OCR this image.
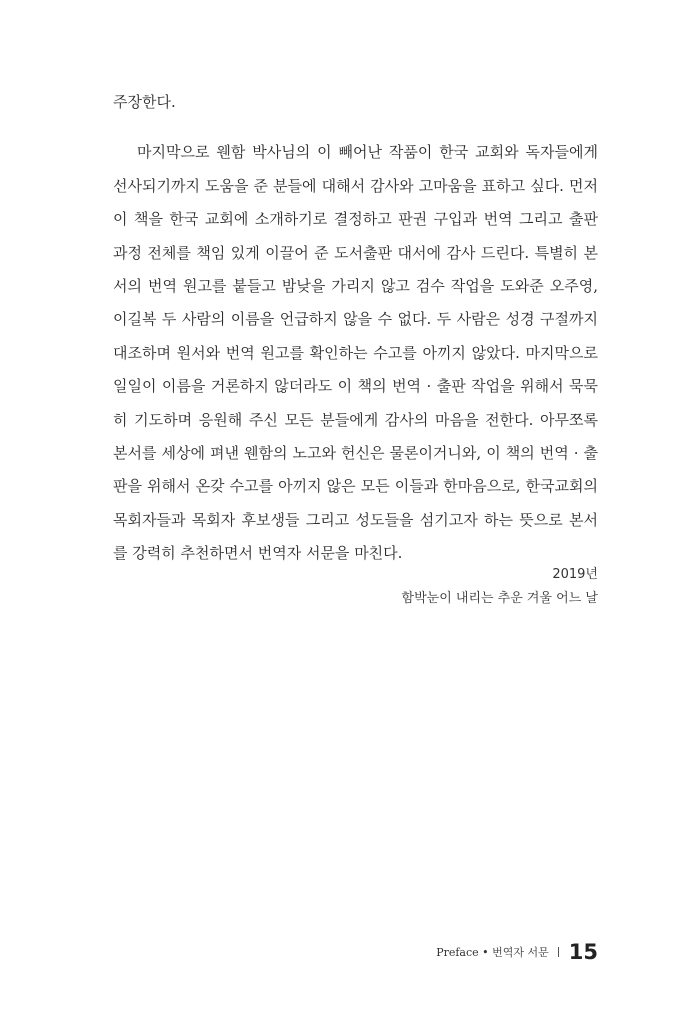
주장한다.

마지막으로 웬함 박사님의 이 빼어난 작품이 한국 교회와 독자들에게
선사되기까지 도움을 준 분들에 대해서 감사와 고마움을 표하고 싶다. 먼저
이 책을 한국 교회에 소개하기로 결정하고 판권 구입과 번역 그리고 출판
과정 전체를 책임 있게 이끌어 준 도서출판 대서에 감사 드린다. 특별히 본
서의 번역 원고를 붙들고 밤낮을 가리지 않고 검수 작업을 도와준 오주영,
이길복 두 사람의 이름을 언급하지 않을 수 없다. 두 사람은 성경 구절까지
대조하며 원서와 번역 원고를 확인하는 수고를 아끼지 않았다. 마지막으로
일일이 이름을 거론하지 않더라도 이 책의 번역 · 출판 작업을 위해서 묵묵
히 기도하며 응원해 주신 모든 분들에게 감사의 마음을 전한다. 아무쪼록
본서를 세상에 펴낸 웬함의 노고와 헌신은 물론이거니와, 이 책의 번역 · 출
판을 위해서 온갖 수고를 아끼지 않은 모든 이들과 한마음으로, 한국교회의
목회자들과 목회자 후보생들 그리고 성도들을 섬기고자 하는 뜻으로 본서
를 강력히 추천하면서 번역자 서문을 마친다.

2019년
함박눈이 내리는 추운 겨울 어느 날
Preface • 번역자 서문 15
